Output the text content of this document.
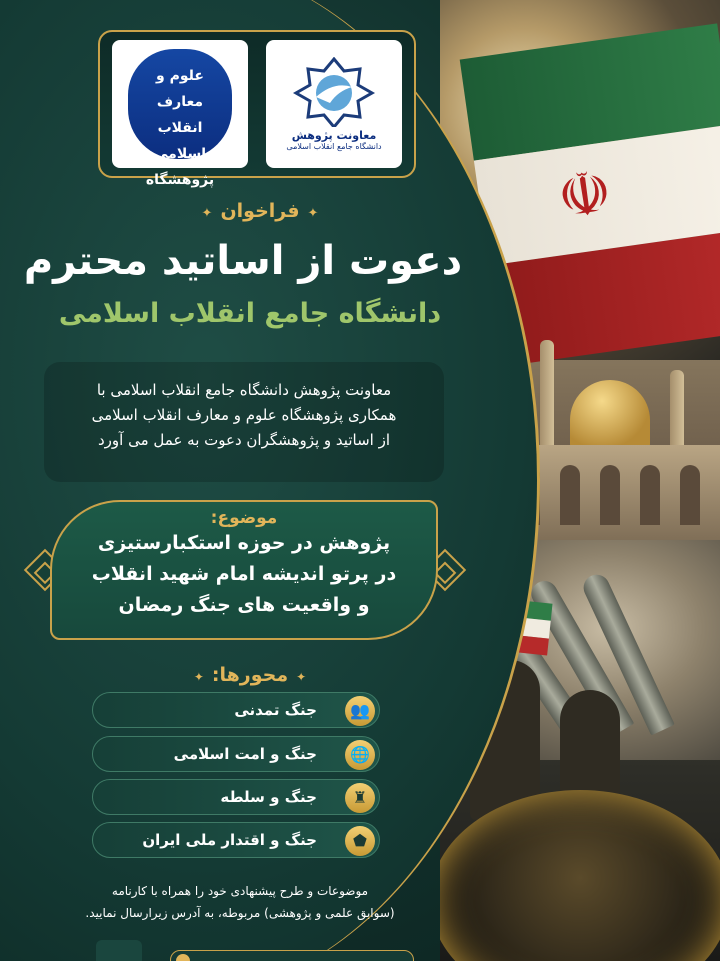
☫
معاونت پژوهش
دانشگاه جامع انقلاب اسلامی
علوم و معارف انقلاب اسلامی پژوهشگاه
✦فراخوان✦
دعوت از اساتید محترم
دانشگاه جامع انقلاب اسلامی
معاونت پژوهش دانشگاه جامع انقلاب اسلامی با
همکاری پژوهشگاه علوم و معارف انقلاب اسلامی
از اساتید و پژوهشگران دعوت به عمل می آورد
موضوع:
پژوهش در حوزه استکبارستیزی
در پرتو اندیشه امام شهید انقلاب
و واقعیت های جنگ رمضان
✦محورها:✦
جنگ تمدنی	👥
جنگ و امت اسلامی	🌐
جنگ و سلطه	♜
جنگ و اقتدار ملی ایران	⬟
موضوعات و طرح پیشنهادی خود را همراه با کارنامه
(سوابق علمی و پژوهشی) مربوطه، به آدرس زیرارسال نمایید.
